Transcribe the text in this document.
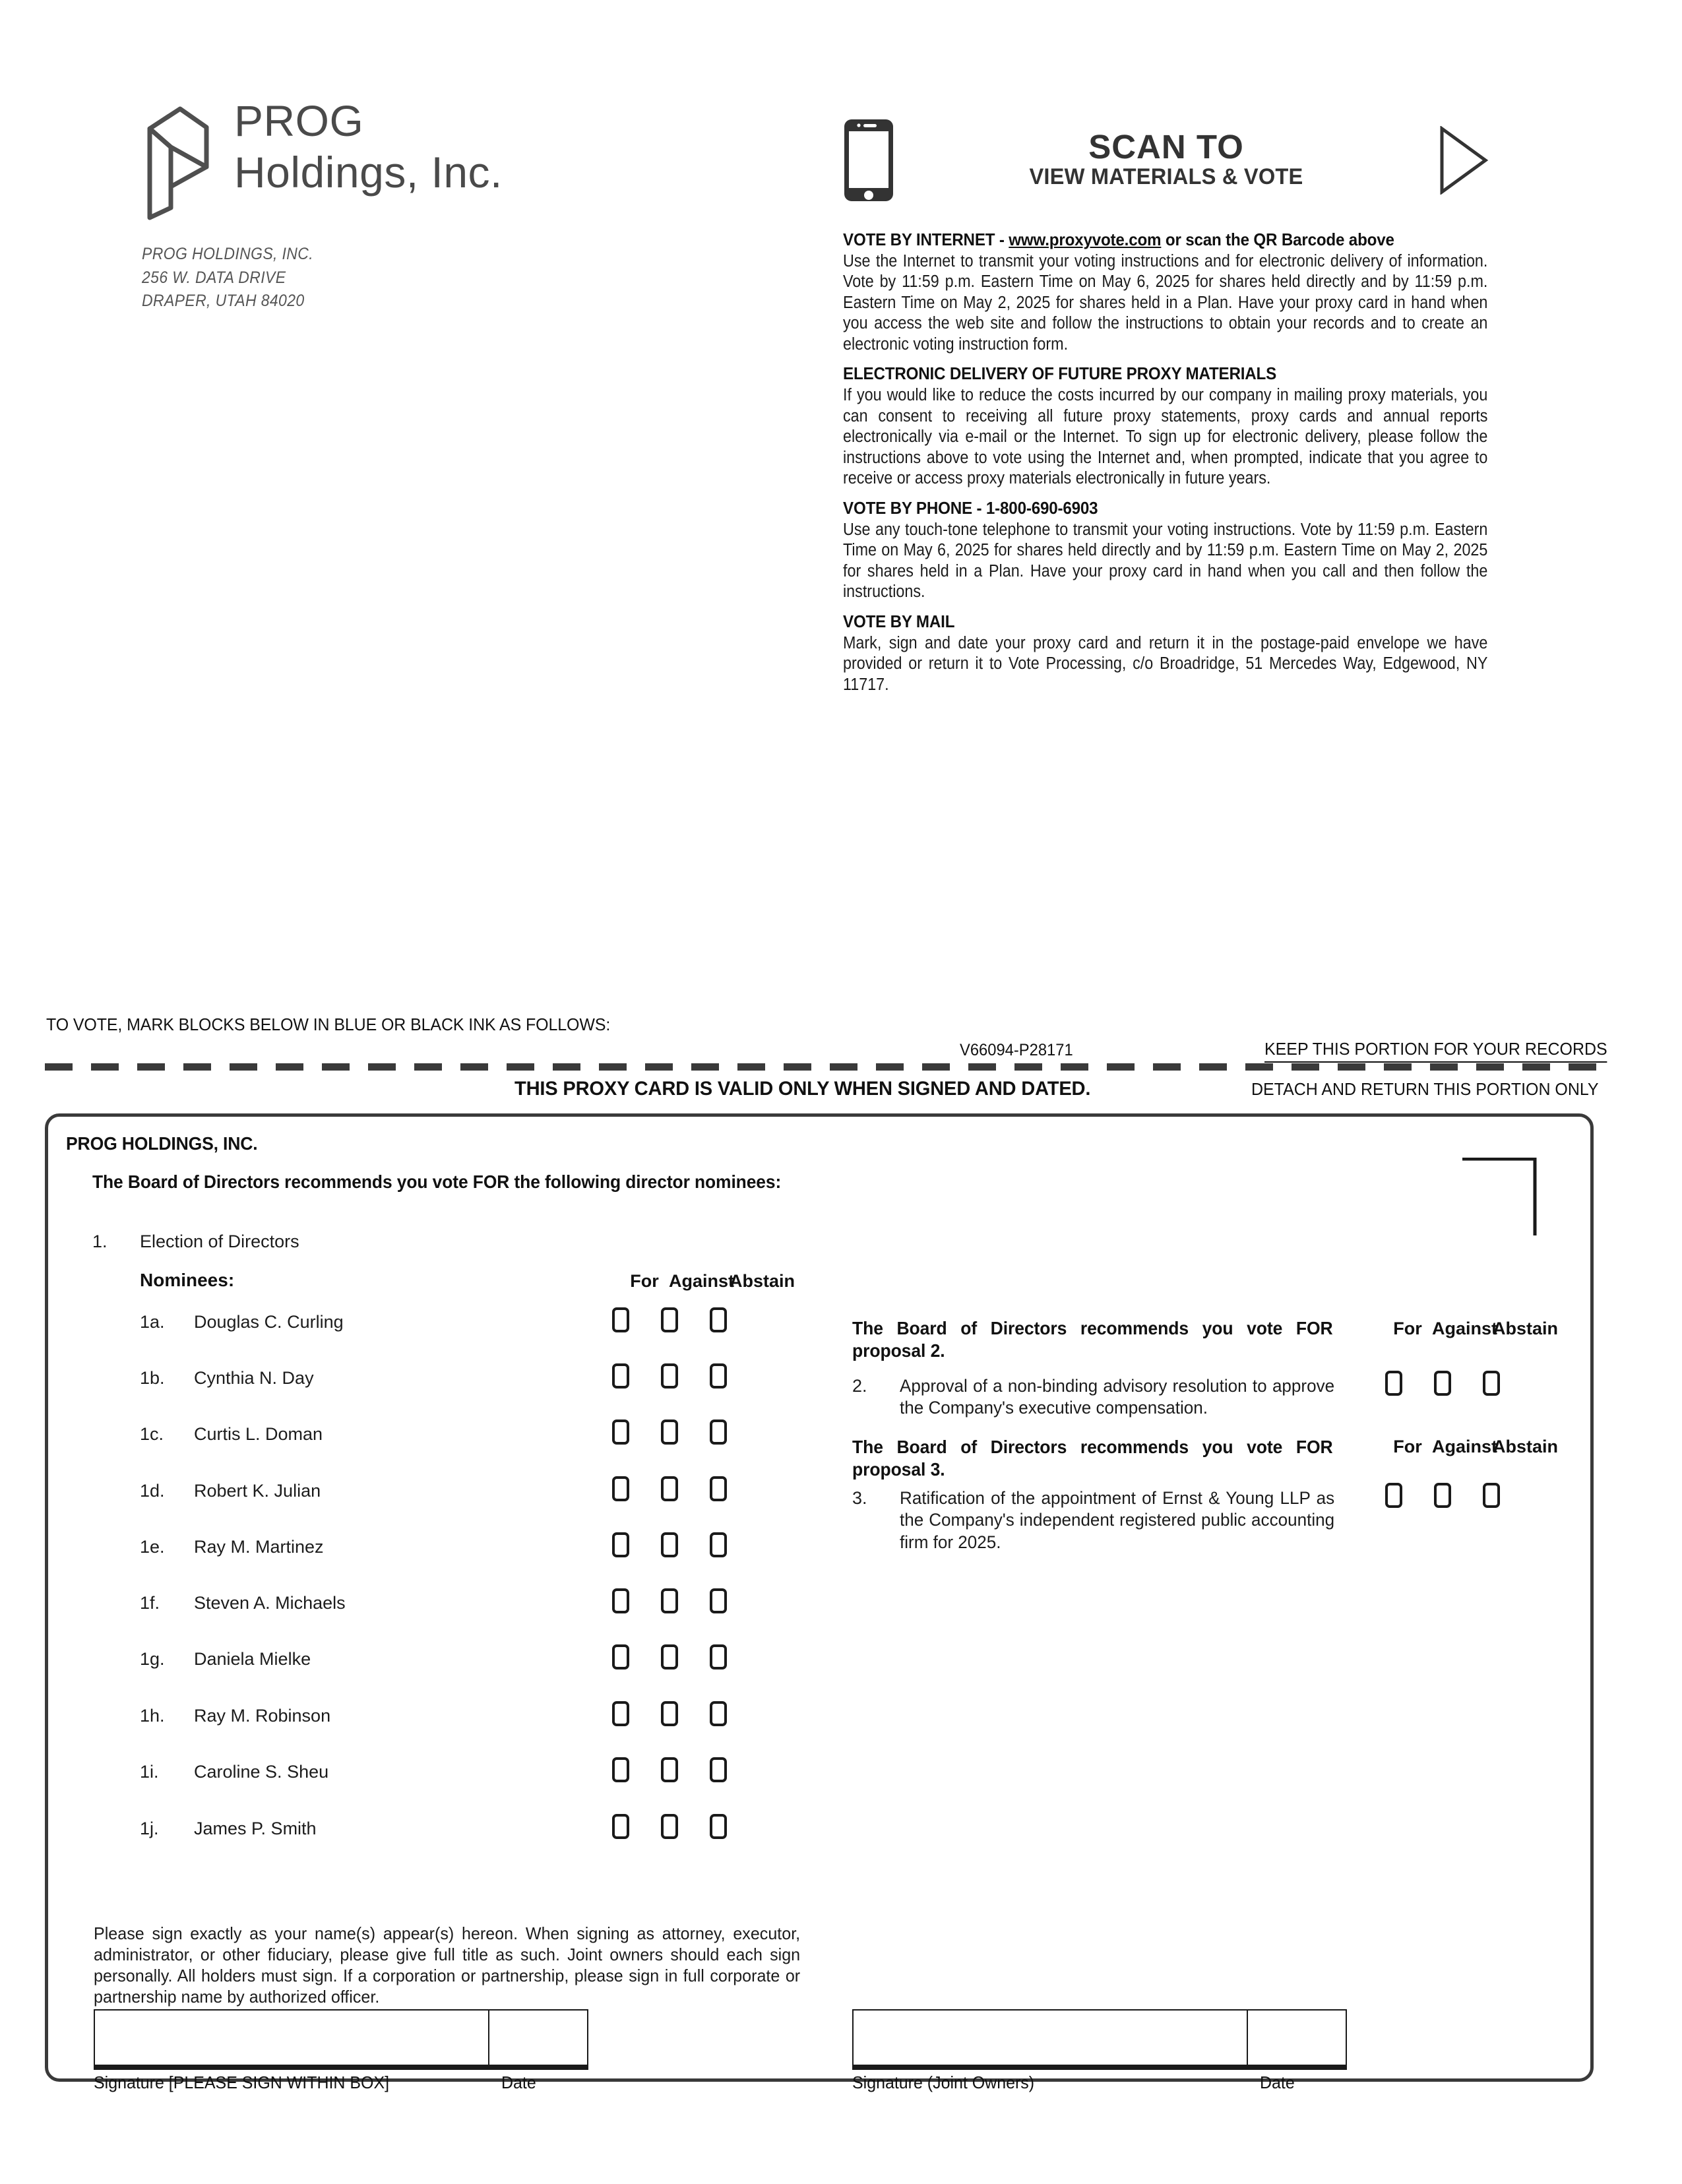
PROG
Holdings, Inc.
PROG HOLDINGS, INC.
256 W. DATA DRIVE
DRAPER, UTAH 84020
SCAN TO
VIEW MATERIALS & VOTE
VOTE BY INTERNET - www.proxyvote.com or scan the QR Barcode above
Use the Internet to transmit your voting instructions and for electronic delivery of information. Vote by 11:59 p.m. Eastern Time on May 6, 2025 for shares held directly and by 11:59 p.m. Eastern Time on May 2, 2025 for shares held in a Plan. Have your proxy card in hand when you access the web site and follow the instructions to obtain your records and to create an electronic voting instruction form.
ELECTRONIC DELIVERY OF FUTURE PROXY MATERIALS
If you would like to reduce the costs incurred by our company in mailing proxy materials, you can consent to receiving all future proxy statements, proxy cards and annual reports electronically via e-mail or the Internet. To sign up for electronic delivery, please follow the instructions above to vote using the Internet and, when prompted, indicate that you agree to receive or access proxy materials electronically in future years.
VOTE BY PHONE - 1-800-690-6903
Use any touch-tone telephone to transmit your voting instructions. Vote by 11:59 p.m. Eastern Time on May 6, 2025 for shares held directly and by 11:59 p.m. Eastern Time on May 2, 2025 for shares held in a Plan. Have your proxy card in hand when you call and then follow the instructions.
VOTE BY MAIL
Mark, sign and date your proxy card and return it in the postage-paid envelope we have provided or return it to Vote Processing, c/o Broadridge, 51 Mercedes Way, Edgewood, NY 11717.
TO VOTE, MARK BLOCKS BELOW IN BLUE OR BLACK INK AS FOLLOWS:
V66094-P28171	KEEP THIS PORTION FOR YOUR RECORDS
THIS PROXY CARD IS VALID ONLY WHEN SIGNED AND DATED.	DETACH AND RETURN THIS PORTION ONLY
PROG HOLDINGS, INC.
The Board of Directors recommends you vote FOR the following director nominees:
1. Election of Directors
Nominees:	For AgainstAbstain
1a.	Douglas C. Curling
1b.	Cynthia N. Day
1c.	Curtis L. Doman
1d.	Robert K. Julian
1e.	Ray M. Martinez
1f.	Steven A. Michaels
1g.	Daniela Mielke
1h.	Ray M. Robinson
1i.	Caroline S. Sheu
1j.	James P. Smith
The Board of Directors recommends you vote FOR proposal 2.
For AgainstAbstain
2. Approval of a non-binding advisory resolution to approve the Company's executive compensation.
The Board of Directors recommends you vote FOR proposal 3.
For AgainstAbstain
3. Ratification of the appointment of Ernst & Young LLP as the Company's independent registered public accounting firm for 2025.
Please sign exactly as your name(s) appear(s) hereon. When signing as attorney, executor, administrator, or other fiduciary, please give full title as such. Joint owners should each sign personally. All holders must sign. If a corporation or partnership, please sign in full corporate or partnership name by authorized officer.
Signature [PLEASE SIGN WITHIN BOX]	Date	Signature (Joint Owners)	Date
